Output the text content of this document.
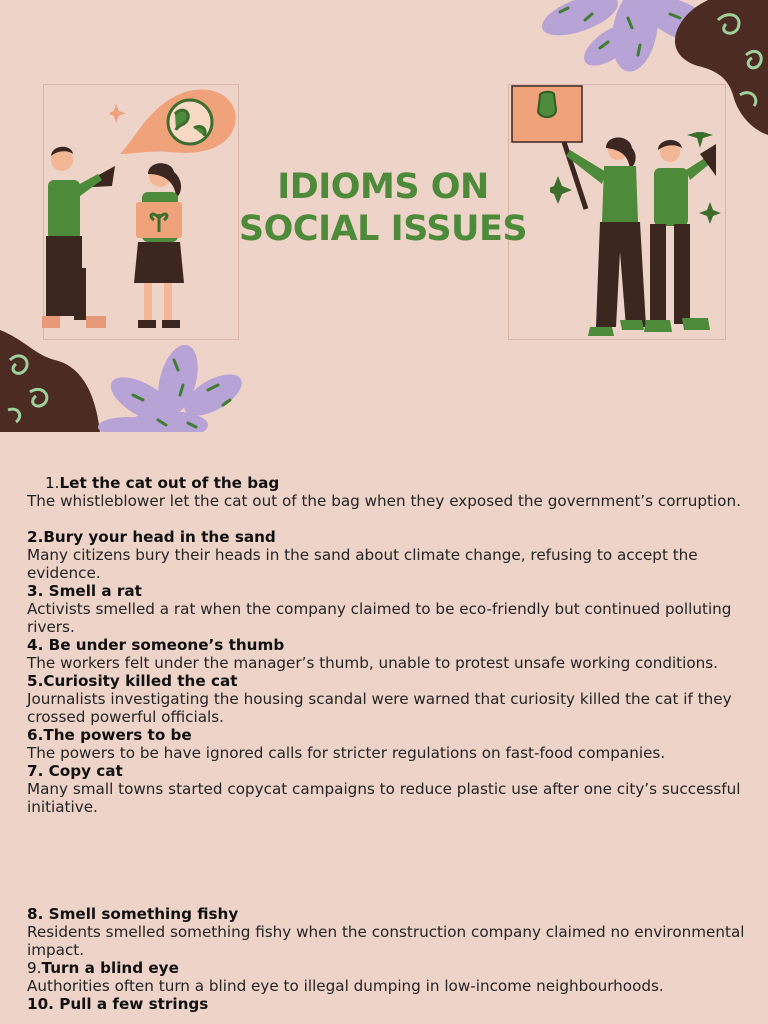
IDIOMS ON
SOCIAL ISSUES

1.Let the cat out of the bag
The whistleblower let the cat out of the bag when they exposed the government’s corruption.

2.Bury your head in the sand
Many citizens bury their heads in the sand about climate change, refusing to accept the evidence.

3. Smell a rat
Activists smelled a rat when the company claimed to be eco-friendly but continued polluting rivers.

4. Be under someone’s thumb
The workers felt under the manager’s thumb, unable to protest unsafe working conditions.

5.Curiosity killed the cat
Journalists investigating the housing scandal were warned that curiosity killed the cat if they crossed powerful officials.

6.The powers to be
The powers to be have ignored calls for stricter regulations on fast-food companies.

7. Copy cat
Many small towns started copycat campaigns to reduce plastic use after one city’s successful initiative.

8. Smell something fishy
Residents smelled something fishy when the construction company claimed no environmental impact.

9.Turn a blind eye
Authorities often turn a blind eye to illegal dumping in low-income neighbourhoods.

10. Pull a few strings
